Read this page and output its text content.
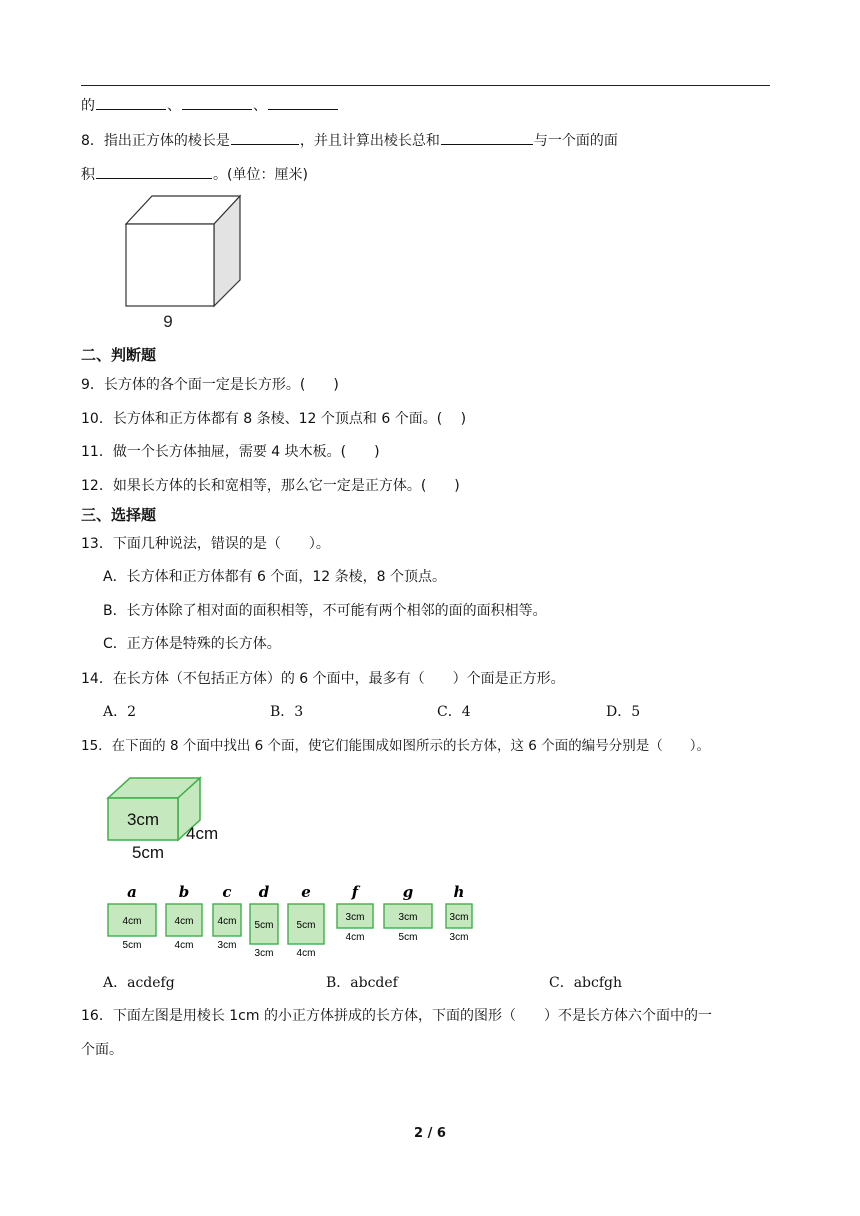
的	、	、
8．指出正方体的棱长是	，并且计算出棱长总和	与一个面的面
积	。(单位：厘米)
9
二、判断题
9．长方体的各个面一定是长方形。(　　)
10．长方体和正方体都有 8 条棱、12 个顶点和 6 个面。(　 )
11．做一个长方体抽屉，需要 4 块木板。(　　)
12．如果长方体的长和宽相等，那么它一定是正方体。(　　)
三、选择题
13．下面几种说法，错误的是（　　）。
A．长方体和正方体都有 6 个面，12 条棱，8 个顶点。
B．长方体除了相对面的面积相等，不可能有两个相邻的面的面积相等。
C．正方体是特殊的长方体。
14．在长方体（不包括正方体）的 6 个面中，最多有（　　）个面是正方形。
A．2	B．3	C．4	D．5
15．在下面的 8 个面中找出 6 个面，使它们能围成如图所示的长方体，这 6 个面的编号分别是（　　）。
3cm
4cm
5cm
a
4cm
5cm
b
4cm
4cm
c
4cm
3cm
d
5cm
3cm
e
5cm
4cm
f
3cm
4cm
g
3cm
5cm
h
3cm
3cm
A．acdefg	B．abcdef	C．abcfgh
16．下面左图是用棱长 1cm 的小正方体拼成的长方体，下面的图形（　　）不是长方体六个面中的一
个面。
2 / 6
